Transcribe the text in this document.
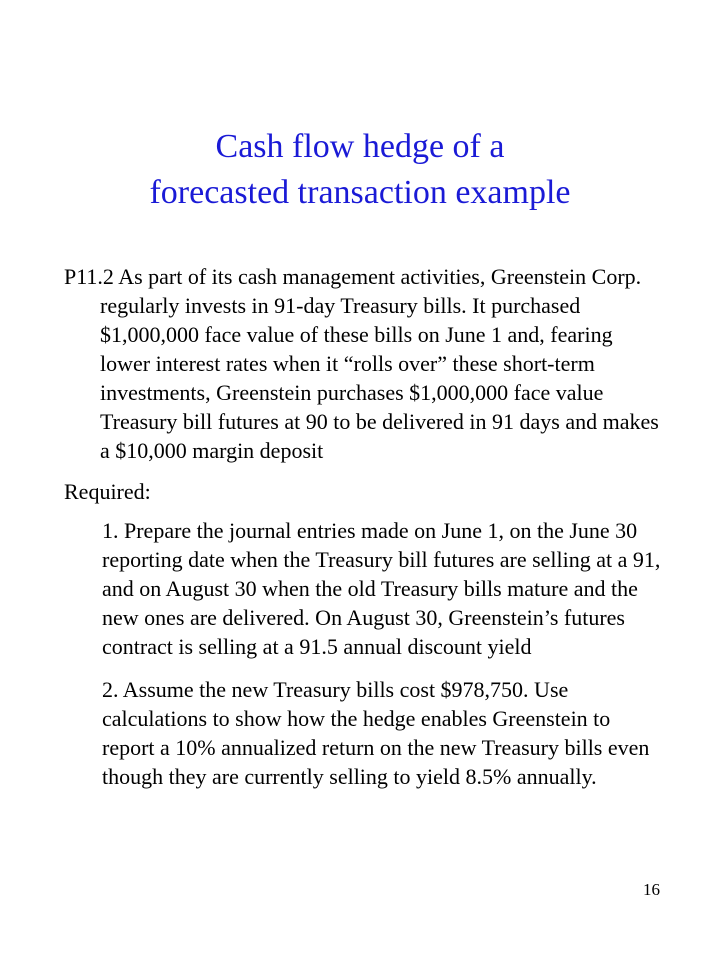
Cash flow hedge of a
forecasted transaction example

P11.2 As part of its cash management activities, Greenstein Corp. regularly invests in 91-day Treasury bills. It purchased $1,000,000 face value of these bills on June 1 and, fearing lower interest rates when it “rolls over” these short-term investments, Greenstein purchases $1,000,000 face value Treasury bill futures at 90 to be delivered in 91 days and makes a $10,000 margin deposit

Required:

1. Prepare the journal entries made on June 1, on the June 30 reporting date when the Treasury bill futures are selling at a 91, and on August 30 when the old Treasury bills mature and the new ones are delivered. On August 30, Greenstein’s futures contract is selling at a 91.5 annual discount yield

2. Assume the new Treasury bills cost $978,750. Use calculations to show how the hedge enables Greenstein to report a 10% annualized return on the new Treasury bills even though they are currently selling to yield 8.5% annually.

16
